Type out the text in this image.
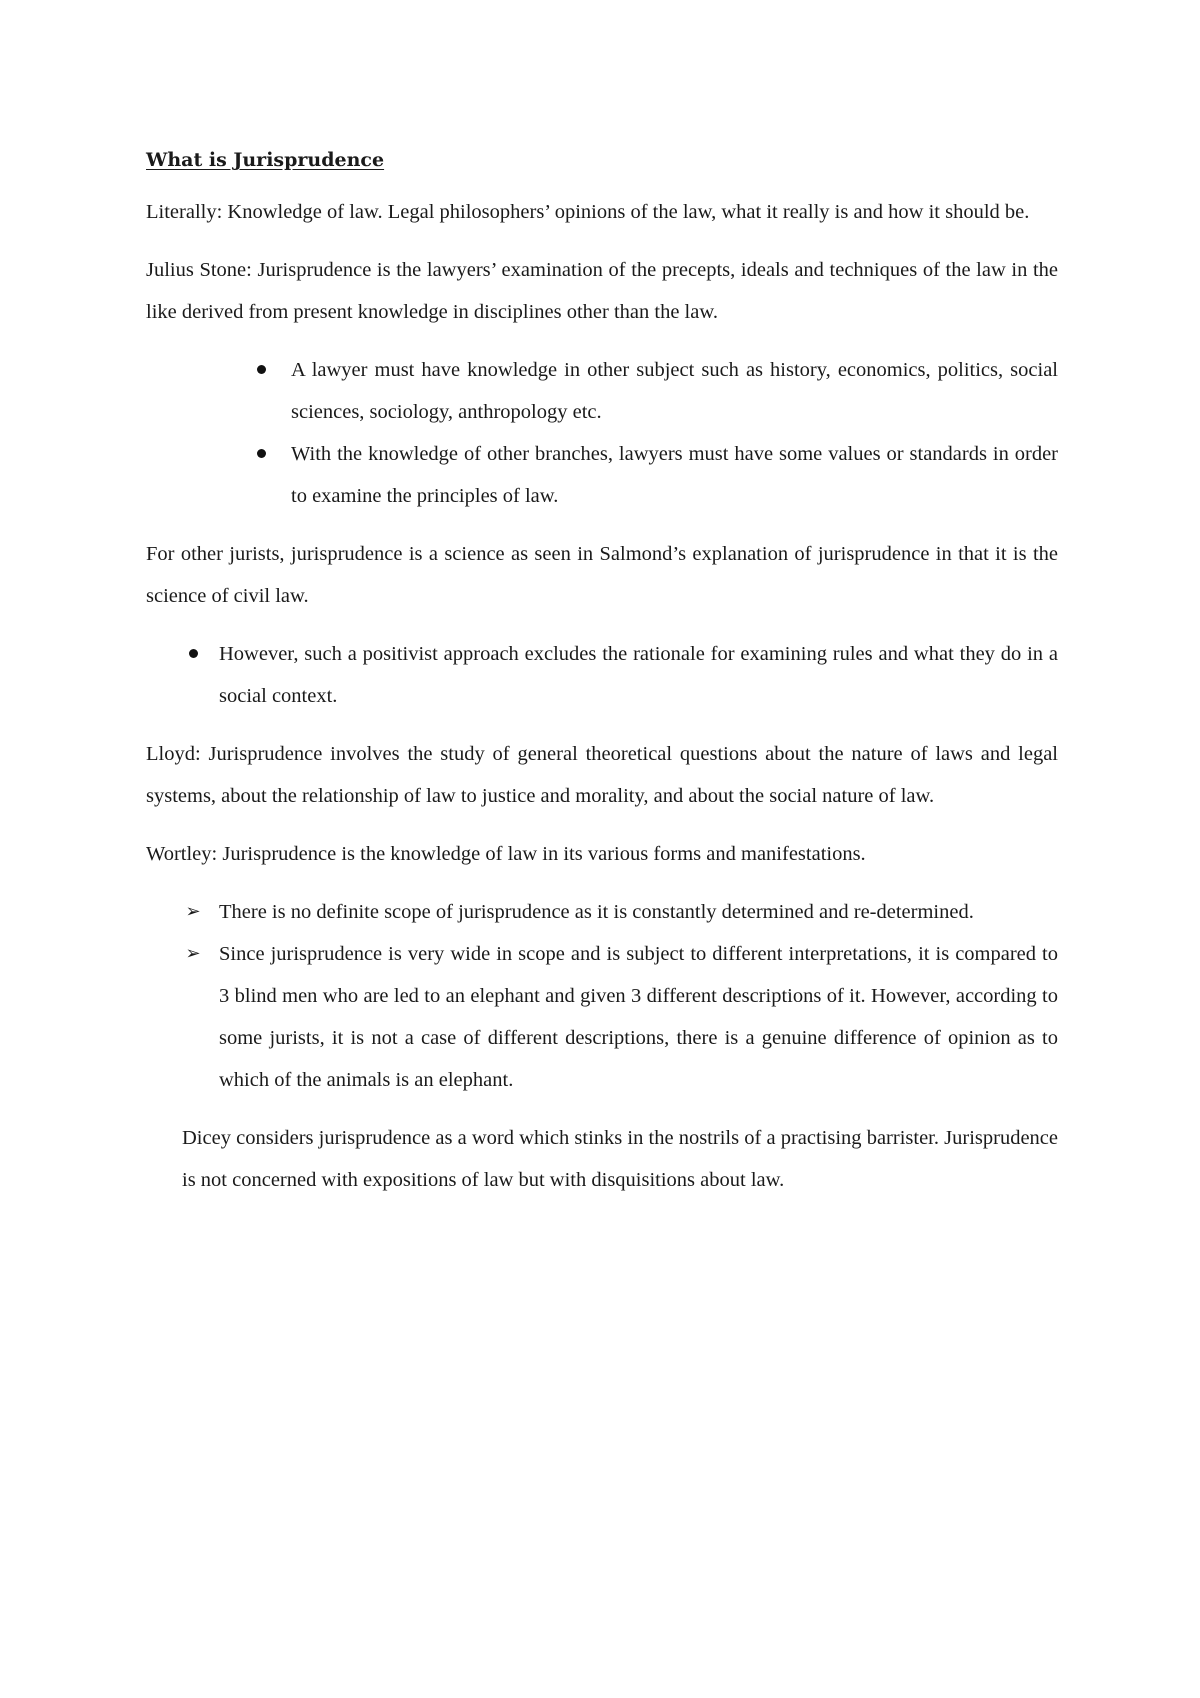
What is Jurisprudence

Literally: Knowledge of law. Legal philosophers’ opinions of the law, what it really is and how it should be.

Julius Stone: Jurisprudence is the lawyers’ examination of the precepts, ideals and techniques of the law in the like derived from present knowledge in disciplines other than the law.

A lawyer must have knowledge in other subject such as history, economics, politics, social sciences, sociology, anthropology etc.
With the knowledge of other branches, lawyers must have some values or standards in order to examine the principles of law.

For other jurists, jurisprudence is a science as seen in Salmond’s explanation of jurisprudence in that it is the science of civil law.

However, such a positivist approach excludes the rationale for examining rules and what they do in a social context.

Lloyd: Jurisprudence involves the study of general theoretical questions about the nature of laws and legal systems, about the relationship of law to justice and morality, and about the social nature of law.

Wortley: Jurisprudence is the knowledge of law in its various forms and manifestations.

➢ There is no definite scope of jurisprudence as it is constantly determined and re-determined.
➢ Since jurisprudence is very wide in scope and is subject to different interpretations, it is compared to 3 blind men who are led to an elephant and given 3 different descriptions of it. However, according to some jurists, it is not a case of different descriptions, there is a genuine difference of opinion as to which of the animals is an elephant.

Dicey considers jurisprudence as a word which stinks in the nostrils of a practising barrister. Jurisprudence is not concerned with expositions of law but with disquisitions about law.
